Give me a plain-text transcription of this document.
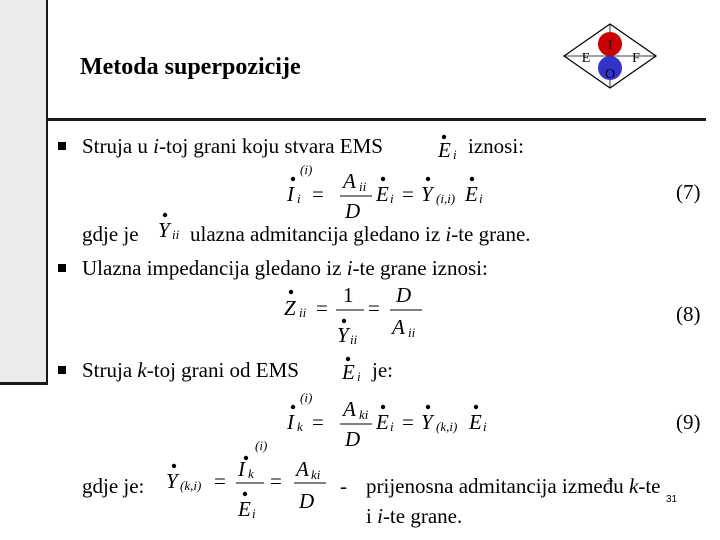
Metoda superpozicije
I
E	F
O
Struja u i-toj grani koju stvara EMS	E i iznosi:
(i)
I i =
A ii
D
E i = Y (i,i) E i	(7)
gdje je Y ii ulazna admitancija gledano iz i-te grane.
Ulazna impedancija gledano iz i-te grane iznosi:
Z ii =
1
Y ii
=
D
A ii
(8)
Struja k-toj grani od EMS E i je:
(i)
I k =
A ki
D
E i = Y (k,i) E i	(9)
gdje je: Y (k,i) =
(i)
I k
E i
= A ki
D
- prijenosna admitancija između k-te
i i-te grane.
31
